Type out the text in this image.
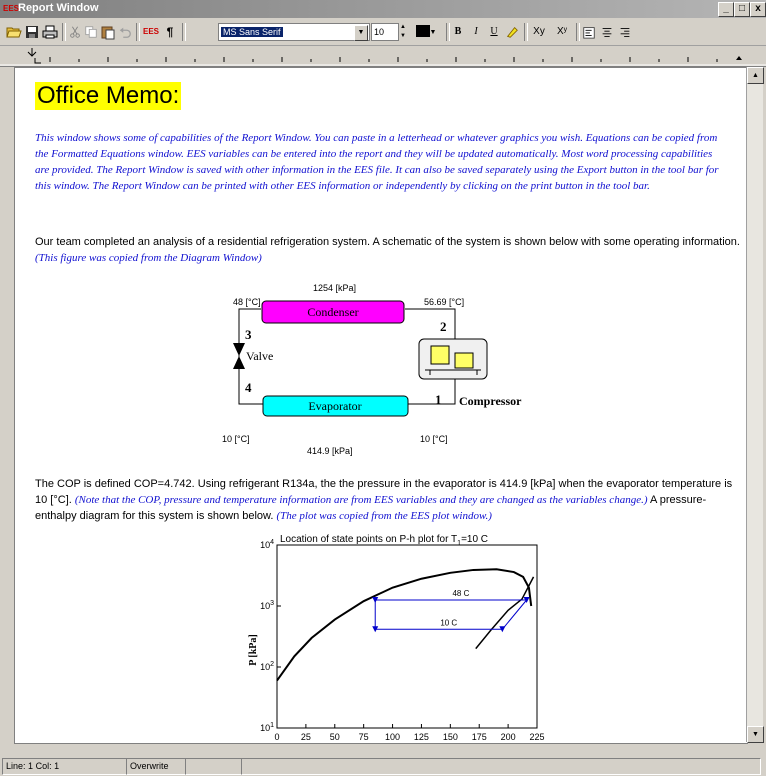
EES
Report Window	_	□	x
EES ¶	MS Sans Serif	▼	10	▲
▼	▼	B	I	U	Xy	Xʸ
Office Memo:
This window shows some of capabilities of the Report Window. You can paste in a letterhead or whatever graphics you wish. Equations can be copied from the Formatted Equations window. EES variables can be entered into the report and they will be updated automatically. Most word processing capabilities are provided. The Report Window is saved with other information in the EES file. It can also be saved separately using the Export button in the tool bar for this window. The Report Window can be printed with other EES information or independently by clicking on the print button in the tool bar.
Our team completed an analysis of a residential refrigeration system. A schematic of the system is shown below with some operating information. (This figure was copied from the Diagram Window)
1254 [kPa]
48 [°C]	56.69 [°C]
10 [°C]	10 [°C]
414.9 [kPa]
Condenser
Evaporator
Valve
Compressor
3
2
4
1
The COP is defined COP=4.742. Using refrigerant R134a, the the pressure in the evaporator is 414.9 [kPa] when the evaporator temperature is 10 [°C]. (Note that the COP, pressure and temperature information are from EES variables and they are changed as the variables change.) A pressure-enthalpy diagram for this system is shown below. (The plot was copied from the EES plot window.)
Location of state points on P-h plot for $T_1=10$ C
P [kPa]
0 25 50 75 100 125 150 175 200 225
$10^1$
$10^2$
$10^3$
$10^4$
48 C
10 C
▲
▼
Line: 1 Col: 1	Overwrite
